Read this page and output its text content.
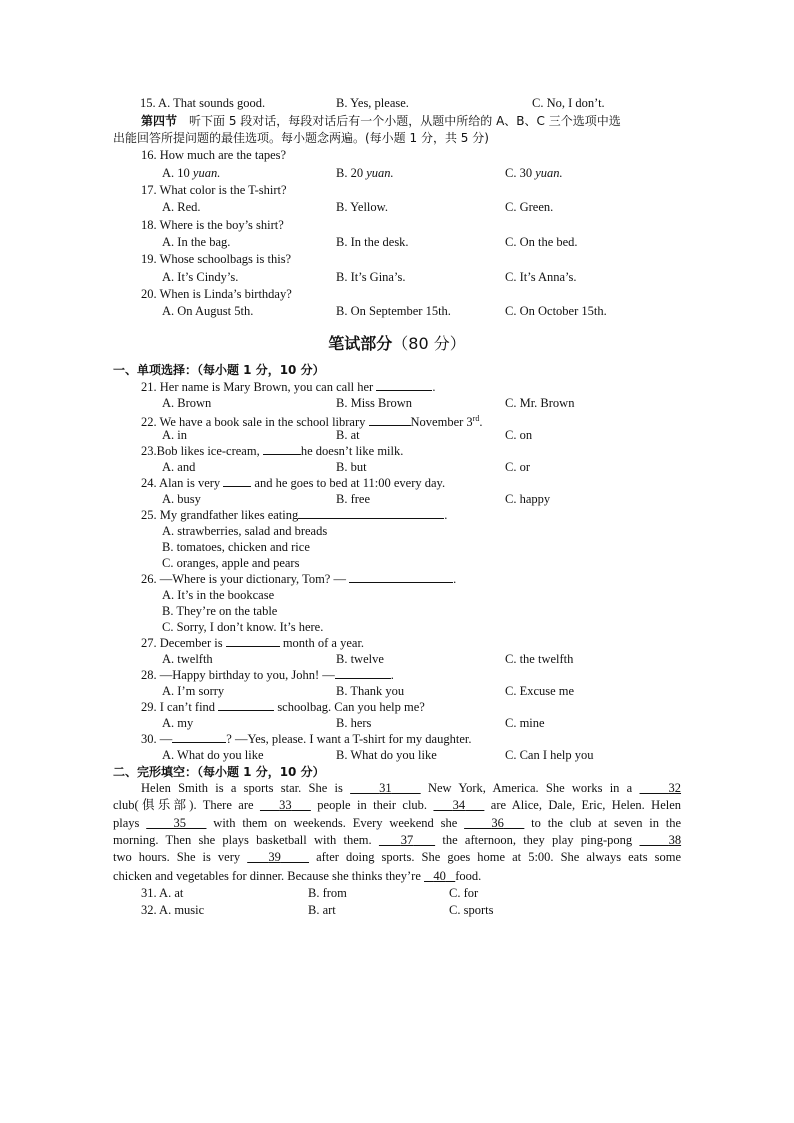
15. A. That sounds good.	B. Yes, please.	C. No, I don’t.
第四节　听下面 5 段对话，每段对话后有一个小题，从题中所给的 A、B、C 三个选项中选
出能回答所提问题的最佳选项。每小题念两遍。(每小题 1 分，共 5 分)
16. How much are the tapes?
A. 10 yuan.	B. 20 yuan.	C. 30 yuan.
17. What color is the T-shirt?
A. Red.	B. Yellow.	C. Green.
18. Where is the boy’s shirt?
A. In the bag.	B. In the desk.	C. On the bed.
19. Whose schoolbags is this?
A. It’s Cindy’s.	B. It’s Gina’s.	C. It’s Anna’s.
20. When is Linda’s birthday?
A. On August 5th.	B. On September 15th.	C. On October 15th.
笔试部分（80 分）
一、单项选择：（每小题 1 分，10 分）
21. Her name is Mary Brown, you can call her	.
A. Brown	B. Miss Brown	C. Mr. Brown
22. We have a book sale in the school library	November 3rd.
A. in	B. at	C. on
23.Bob likes ice-cream,	he doesn’t like milk.
A. and	B. but	C. or
24. Alan is very	and he goes to bed at 11:00 every day.
A. busy	B. free	C. happy
25. My grandfather likes eating	.
A. strawberries, salad and breads
B. tomatoes, chicken and rice
C. oranges, apple and pears
26. —Where is your dictionary, Tom? —	.
A. It’s in the bookcase
B. They’re on the table
C. Sorry, I don’t know. It’s here.
27. December is	month of a year.
A. twelfth	B. twelve	C. the twelfth
28. —Happy birthday to you, John! —	.
A. I’m sorry	B. Thank you	C. Excuse me
29. I can’t find	schoolbag. Can you help me?
A. my	B. hers	C. mine
30. —	? —Yes, please. I want a T-shirt for my daughter.
A. What do you like	B. What do you like	C. Can I help you
二、完形填空：（每小题 1 分，10 分）
Helen Smith is a sports star. She is	31	New York, America. She works in a	32
club(俱乐部). There are 33 people in their club. 34 are Alice, Dale, Eric, Helen. Helen
plays	35 with them on weekends. Every weekend she	36 to the club at seven in the
morning. Then she plays basketball with them. 37 the afternoon, they play ping-pong	38
two hours. She is very 39	after doing sports. She goes home at 5:00. She always eats some
chicken and vegetables for dinner. Because she thinks they’re 40 food.
31. A. at	B. from	C. for
32. A. music	B. art	C. sports
